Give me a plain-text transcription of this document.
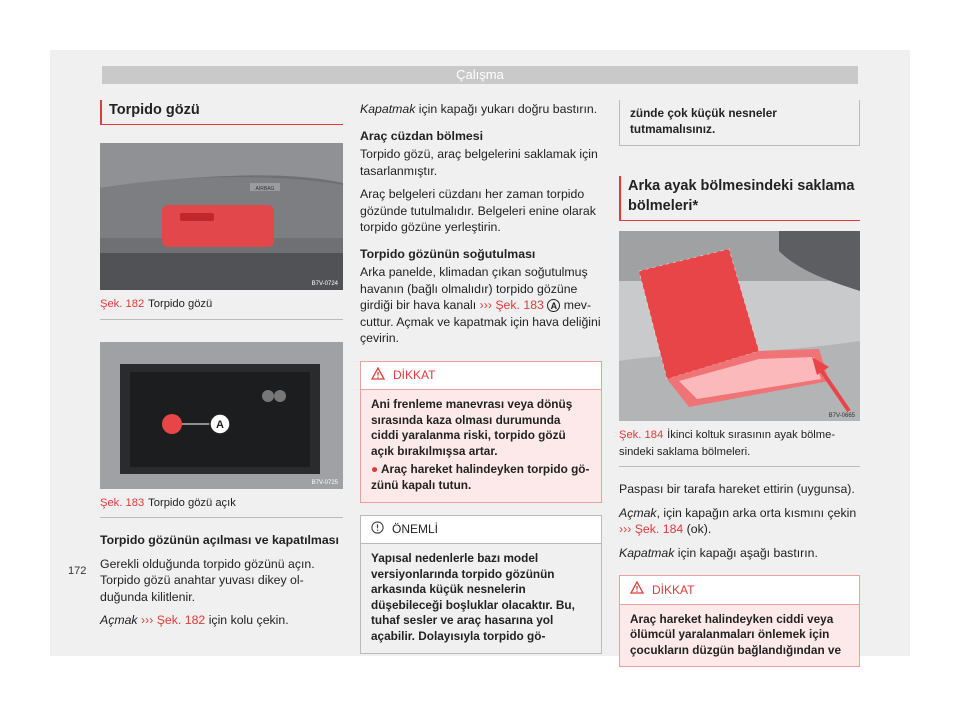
Çalışma
Torpido gözü
AIRBAG
B7V-0724
Şek. 182 Torpido gözü
A
B7V-0725
Şek. 183 Torpido gözü açık
Torpido gözünün açılması ve kapatılması

Gerekli olduğunda torpido gözünü açın. Torpido gözü anahtar yuvası dikey olduğunda kilitlenir.

Açmak ››› Şek. 182 için kolu çekin.

Kapatmak için kapağı yukarı doğru bastırın.

Araç cüzdan bölmesi

Torpido gözü, araç belgelerini saklamak için tasarlanmıştır.

Araç belgeleri cüzdanı her zaman torpido gözünde tutulmalıdır. Belgeleri enine olarak torpido gözüne yerleştirin.

Torpido gözünün soğutulması

Arka panelde, klimadan çıkan soğutulmuş havanın (bağlı olmalıdır) torpido gözüne girdiği bir hava kanalı ››› Şek. 183 A mevcuttur. Açmak ve kapatmak için hava deliğini çevirin.

DİKKAT
Ani frenleme manevrası veya dönüş sırasında kaza olması durumunda ciddi yaralanma riski, torpido gözü açık bırakılmışsa artar.
● Araç hareket halindeyken torpido gözünü kapalı tutun.
ÖNEMLİ
Yapısal nedenlerle bazı model versiyonlarında torpido gözünün arkasında küçük nesnelerin düşebileceği boşluklar olacaktır. Bu, tuhaf sesler ve araç hasarına yol açabilir. Dolayısıyla torpido gö-
zünde çok küçük nesneler tutmamalısınız.
Arka ayak bölmesindeki saklama bölmeleri*
B7V-0665
Şek. 184 İkinci koltuk sırasının ayak bölmesindeki saklama bölmeleri.

Paspası bir tarafa hareket ettirin (uygunsa).

Açmak, için kapağın arka orta kısmını çekin ››› Şek. 184 (ok).

Kapatmak için kapağı aşağı bastırın.

DİKKAT
Araç hareket halindeyken ciddi veya ölümcül yaralanmaları önlemek için çocukların düzgün bağlandığından ve
172
